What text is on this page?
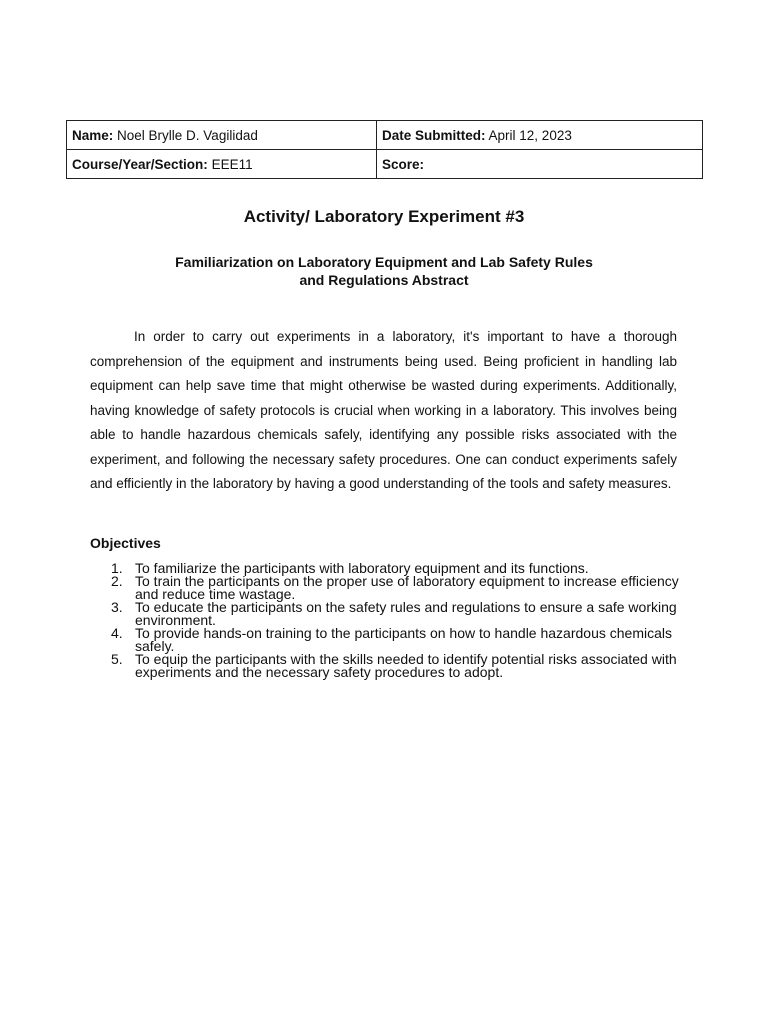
Name: Noel Brylle D. Vagilidad	Date Submitted: April 12, 2023
Course/Year/Section: EEE11	Score:
Activity/ Laboratory Experiment #3
Familiarization on Laboratory Equipment and Lab Safety Rules
and Regulations Abstract

In order to carry out experiments in a laboratory, it's important to have a thorough comprehension of the equipment and instruments being used. Being proficient in handling lab equipment can help save time that might otherwise be wasted during experiments. Additionally, having knowledge of safety protocols is crucial when working in a laboratory. This involves being able to handle hazardous chemicals safely, identifying any possible risks associated with the experiment, and following the necessary safety procedures. One can conduct experiments safely and efficiently in the laboratory by having a good understanding of the tools and safety measures.

Objectives
1. To familiarize the participants with laboratory equipment and its functions.
2. To train the participants on the proper use of laboratory equipment to increase efficiency and reduce time wastage.
3. To educate the participants on the safety rules and regulations to ensure a safe working environment.
4. To provide hands-on training to the participants on how to handle hazardous chemicals safely.
5. To equip the participants with the skills needed to identify potential risks associated with experiments and the necessary safety procedures to adopt.
